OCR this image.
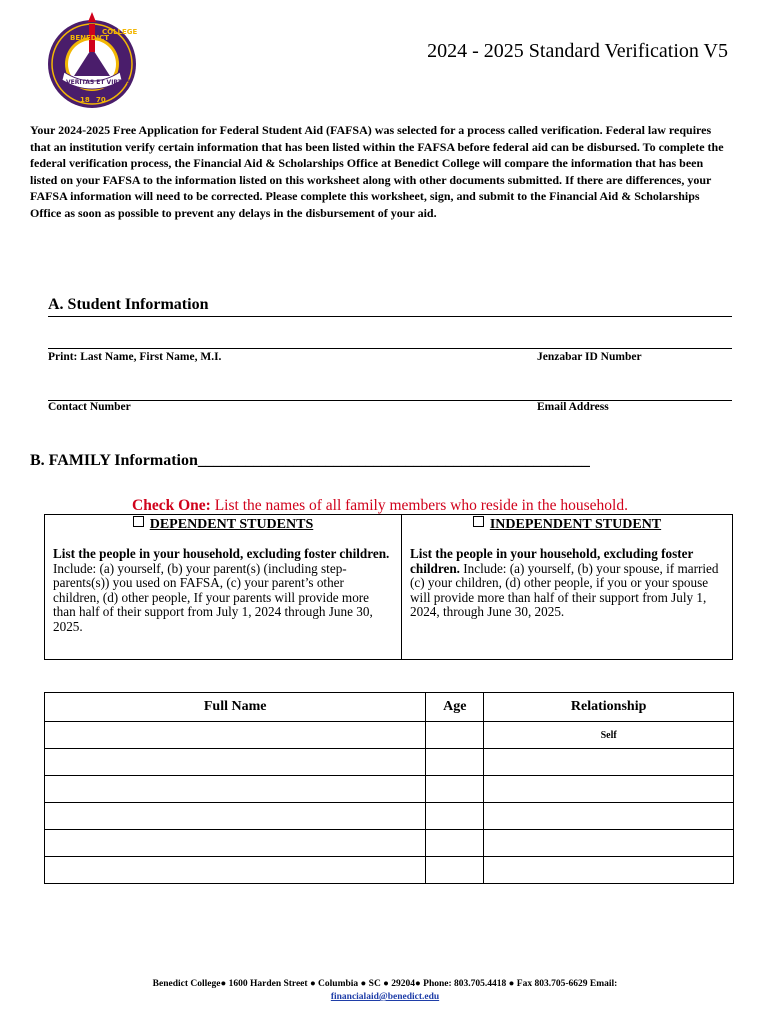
BENEDICT
COLLEGE
VERITAS ET VIRTUS
18 70
2024 - 2025 Standard Verification V5
Your 2024-2025 Free Application for Federal Student Aid (FAFSA) was selected for a process called verification. Federal law requires that an institution verify certain information that has been listed within the FAFSA before federal aid can be disbursed. To complete the federal verification process, the Financial Aid & Scholarships Office at Benedict College will compare the information that has been listed on your FAFSA to the information listed on this worksheet along with other documents submitted. If there are differences, your FAFSA information will need to be corrected. Please complete this worksheet, sign, and submit to the Financial Aid & Scholarships Office as soon as possible to prevent any delays in the disbursement of your aid.
A. Student Information
Print: Last Name, First Name, M.I.	Jenzabar ID Number
Contact Number	Email Address
B. FAMILY Information_________________________________________________
Check One: List the names of all family members who reside in the household.
DEPENDENT STUDENTS
List the people in your household, excluding foster children. Include: (a) yourself, (b) your parent(s) (including step-parents(s)) you used on FAFSA, (c) your parent’s other children, (d) other people, If your parents will provide more than half of their support from July 1, 2024 through June 30, 2025.
INDEPENDENT STUDENT
List the people in your household, excluding foster children. Include: (a) yourself, (b) your spouse, if married (c) your children, (d) other people, if you or your spouse will provide more than half of their support from July 1, 2024, through June 30, 2025.
Full Name	Age	Relationship
		Self

Benedict College● 1600 Harden Street ● Columbia ● SC ● 29204● Phone: 803.705.4418 ● Fax 803.705-6629 Email:
financialaid@benedict.edu
